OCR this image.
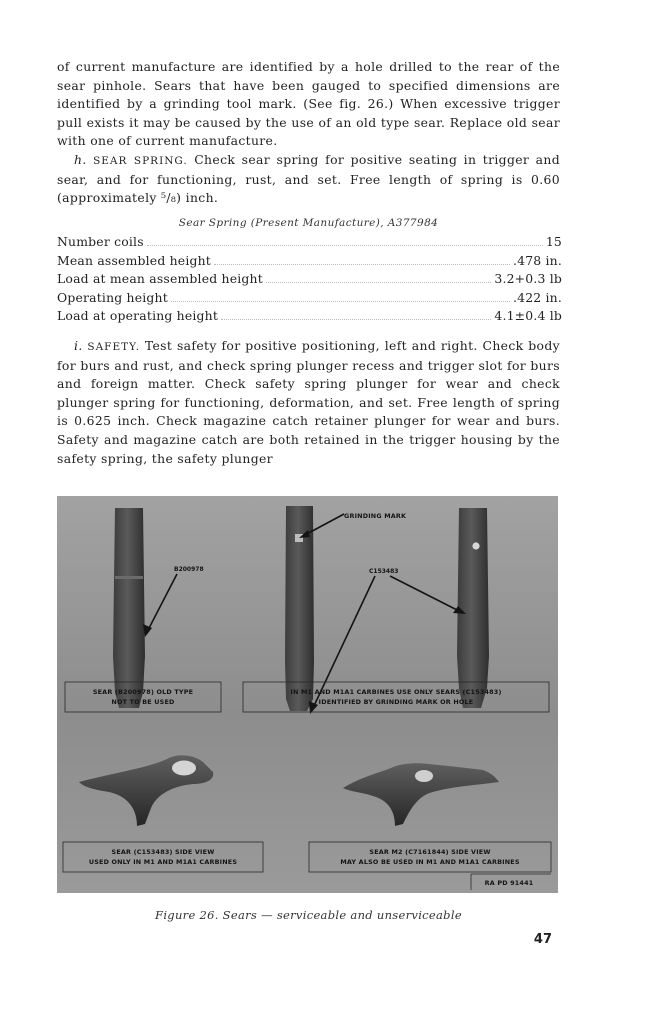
of current manufacture are identified by a hole drilled to the rear of the sear pinhole. Sears that have been gauged to specified dimensions are identified by a grinding tool mark. (See fig. 26.) When excessive trigger pull exists it may be caused by the use of an old type sear. Replace old sear with one of current manufacture.

h. SEAR SPRING. Check sear spring for positive seating in trigger and sear, and for functioning, rust, and set. Free length of spring is 0.60 (approximately ⁵/₈) inch.

Sear Spring (Present Manufacture), A377984
Number coils	15
Mean assembled height	.478 in.
Load at mean assembled height	3.2+0.3 lb
Operating height	.422 in.
Load at operating height	4.1±0.4 lb

i. SAFETY. Test safety for positive positioning, left and right. Check body for burs and rust, and check spring plunger recess and trigger slot for burs and foreign matter. Check safety spring plunger for wear and check plunger spring for functioning, deformation, and set. Free length of spring is 0.625 inch. Check magazine catch retainer plunger for wear and burs. Safety and magazine catch are both retained in the trigger housing by the safety spring, the safety plunger

GRINDING MARK
B200978	C153483
SEAR (B200978) OLD TYPE
NOT TO BE USED
IN M1 AND M1A1 CARBINES USE ONLY SEARS (C153483)
IDENTIFIED BY GRINDING MARK OR HOLE
SEAR (C153483) SIDE VIEW
USED ONLY IN M1 AND M1A1 CARBINES
SEAR M2 (C7161844) SIDE VIEW
MAY ALSO BE USED IN M1 AND M1A1 CARBINES
RA PD 91441
Figure 26. Sears — serviceable and unserviceable
47
